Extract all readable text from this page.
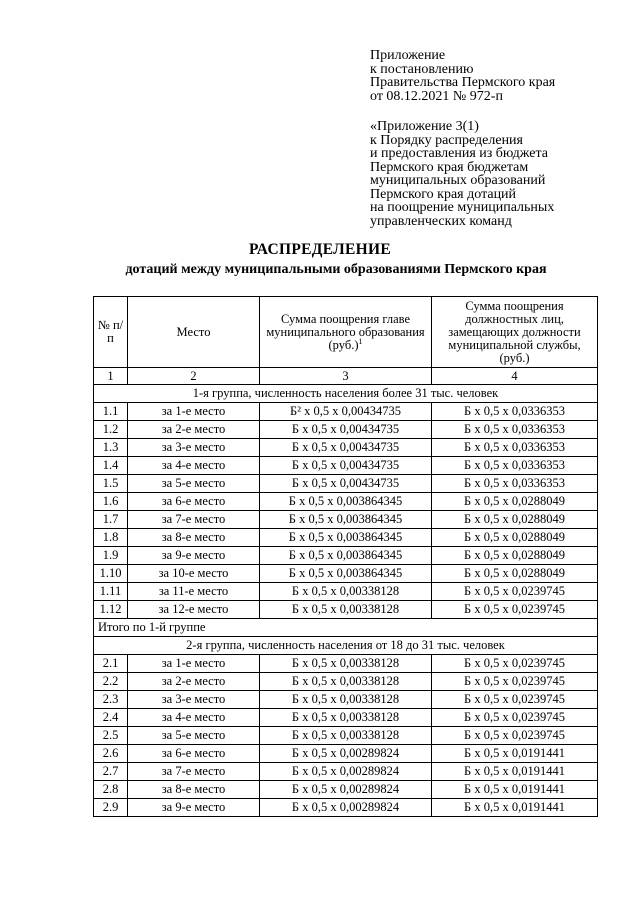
Приложение
к постановлению
Правительства Пермского края
от 08.12.2021 № 972-п
«Приложение 3(1)
к Порядку распределения
и предоставления из бюджета
Пермского края бюджетам
муниципальных образований
Пермского края дотаций
на поощрение муниципальных
управленческих команд
РАСПРЕДЕЛЕНИЕ
дотаций между муниципальными образованиями Пермского края
№ п/п	Место	Сумма поощрения главе муниципального образования $(руб.)^1$	Сумма поощрения должностных лиц, замещающих должности муниципальной службы, (руб.)
1	2	3	4
1-я группа, численность населения более 31 тыс. человек			
1.1	за 1-е место	Б² х 0,5 х 0,00434735	Б х 0,5 х 0,0336353
1.2	за 2-е место	Б х 0,5 х 0,00434735	Б х 0,5 х 0,0336353
1.3	за 3-е место	Б х 0,5 х 0,00434735	Б х 0,5 х 0,0336353
1.4	за 4-е место	Б х 0,5 х 0,00434735	Б х 0,5 х 0,0336353
1.5	за 5-е место	Б х 0,5 х 0,00434735	Б х 0,5 х 0,0336353
1.6	за 6-е место	Б х 0,5 х 0,003864345	Б х 0,5 х 0,0288049
1.7	за 7-е место	Б х 0,5 х 0,003864345	Б х 0,5 х 0,0288049
1.8	за 8-е место	Б х 0,5 х 0,003864345	Б х 0,5 х 0,0288049
1.9	за 9-е место	Б х 0,5 х 0,003864345	Б х 0,5 х 0,0288049
1.10	за 10-е место	Б х 0,5 х 0,003864345	Б х 0,5 х 0,0288049
1.11	за 11-е место	Б х 0,5 х 0,00338128	Б х 0,5 х 0,0239745
1.12	за 12-е место	Б х 0,5 х 0,00338128	Б х 0,5 х 0,0239745
Итого по 1-й группе			
2-я группа, численность населения от 18 до 31 тыс. человек			
2.1	за 1-е место	Б х 0,5 х 0,00338128	Б х 0,5 х 0,0239745
2.2	за 2-е место	Б х 0,5 х 0,00338128	Б х 0,5 х 0,0239745
2.3	за 3-е место	Б х 0,5 х 0,00338128	Б х 0,5 х 0,0239745
2.4	за 4-е место	Б х 0,5 х 0,00338128	Б х 0,5 х 0,0239745
2.5	за 5-е место	Б х 0,5 х 0,00338128	Б х 0,5 х 0,0239745
2.6	за 6-е место	Б х 0,5 х 0,00289824	Б х 0,5 х 0,0191441
2.7	за 7-е место	Б х 0,5 х 0,00289824	Б х 0,5 х 0,0191441
2.8	за 8-е место	Б х 0,5 х 0,00289824	Б х 0,5 х 0,0191441
2.9	за 9-е место	Б х 0,5 х 0,00289824	Б х 0,5 х 0,0191441
